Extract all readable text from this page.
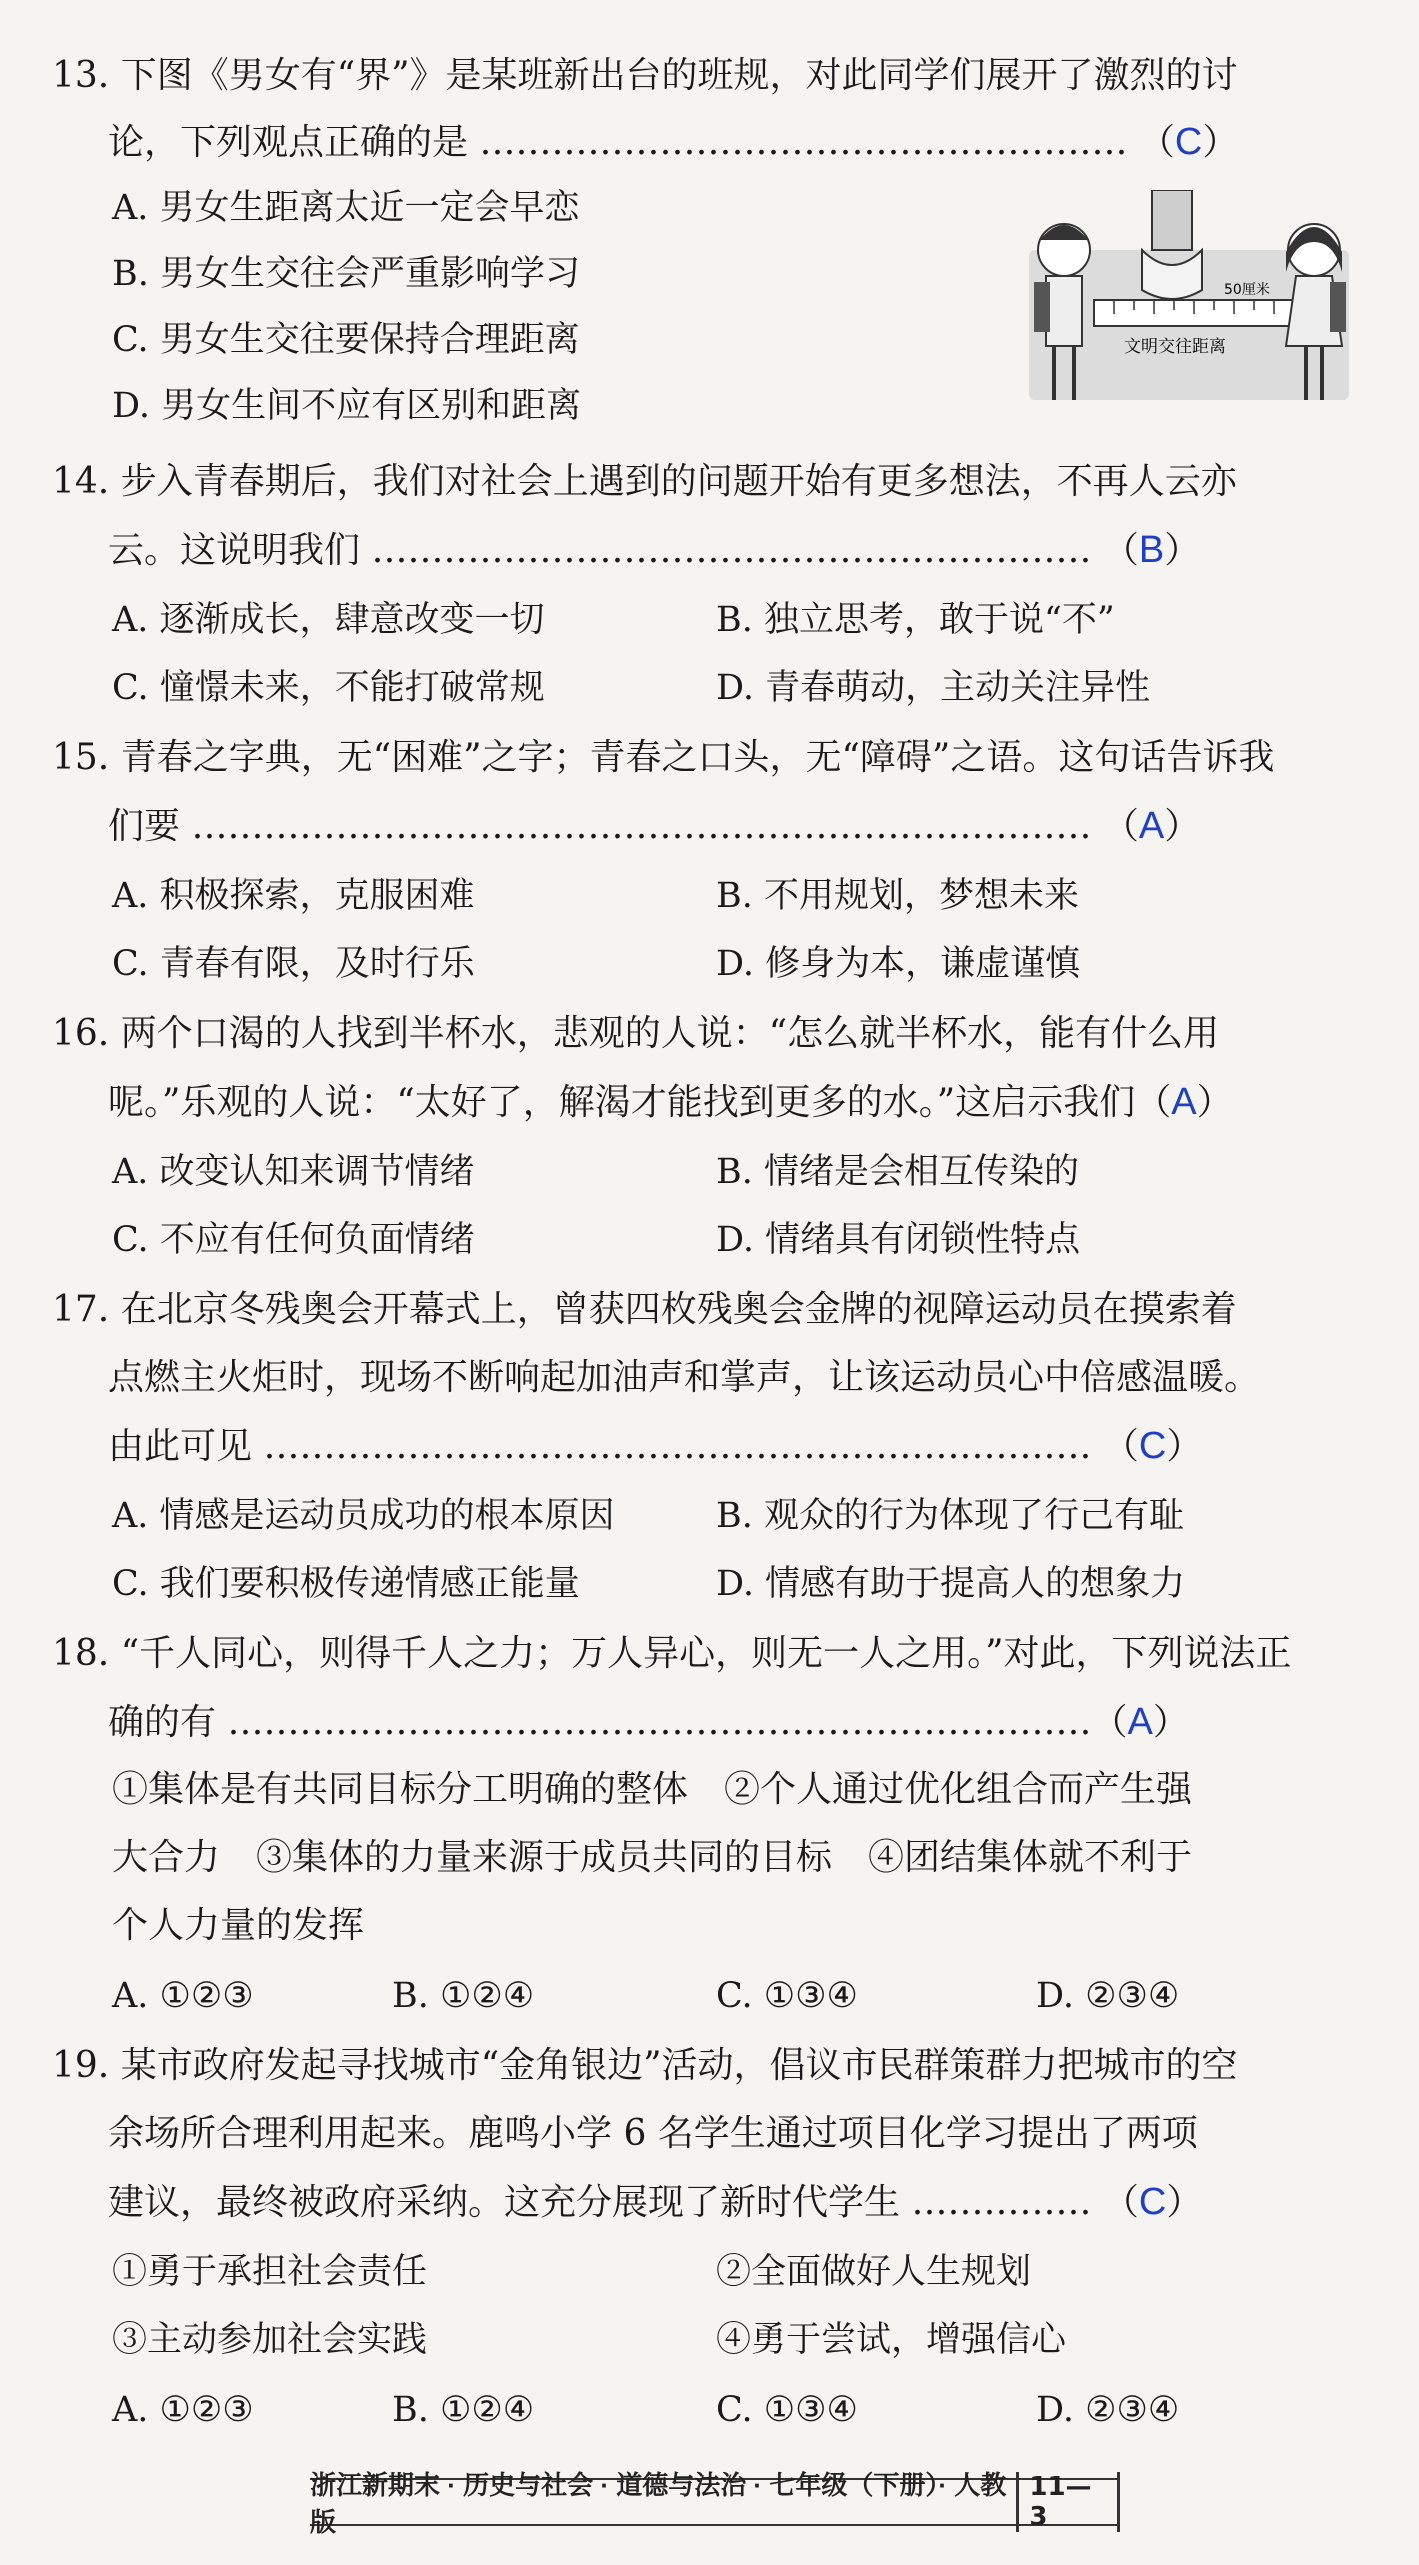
13. 下图《男女有“界”》是某班新出台的班规，对此同学们展开了激烈的讨
论，下列观点正确的是 ……………………………………………… （C）
A. 男女生距离太近一定会早恋
B. 男女生交往会严重影响学习
C. 男女生交往要保持合理距离
D. 男女生间不应有区别和距离
50厘米
文明交往距离
14. 步入青春期后，我们对社会上遇到的问题开始有更多想法，不再人云亦
云。这说明我们 …………………………………………………… （B）
A. 逐渐成长，肆意改变一切	B. 独立思考，敢于说“不”
C. 憧憬未来，不能打破常规	D. 青春萌动，主动关注异性
15. 青春之字典，无“困难”之字；青春之口头，无“障碍”之语。这句话告诉我
们要 ………………………………………………………………… （A）
A. 积极探索，克服困难	B. 不用规划，梦想未来
C. 青春有限，及时行乐	D. 修身为本，谦虚谨慎
16. 两个口渴的人找到半杯水，悲观的人说：“怎么就半杯水，能有什么用
呢。”乐观的人说：“太好了，解渴才能找到更多的水。”这启示我们（A）
A. 改变认知来调节情绪	B. 情绪是会相互传染的
C. 不应有任何负面情绪	D. 情绪具有闭锁性特点
17. 在北京冬残奥会开幕式上，曾获四枚残奥会金牌的视障运动员在摸索着
点燃主火炬时，现场不断响起加油声和掌声，让该运动员心中倍感温暖。
由此可见 …………………………………………………………… （C）
A. 情感是运动员成功的根本原因	B. 观众的行为体现了行己有耻
C. 我们要积极传递情感正能量	D. 情感有助于提高人的想象力
18. “千人同心，则得千人之力；万人异心，则无一人之用。”对此，下列说法正
确的有 ………………………………………………………………（A）
①集体是有共同目标分工明确的整体　②个人通过优化组合而产生强
大合力　③集体的力量来源于成员共同的目标　④团结集体就不利于
个人力量的发挥
A. ①②③	B. ①②④	C. ①③④	D. ②③④
19. 某市政府发起寻找城市“金角银边”活动，倡议市民群策群力把城市的空
余场所合理利用起来。鹿鸣小学 6 名学生通过项目化学习提出了两项
建议，最终被政府采纳。这充分展现了新时代学生 …………… （C）
①勇于承担社会责任	②全面做好人生规划
③主动参加社会实践	④勇于尝试，增强信心
A. ①②③	B. ①②④	C. ①③④	D. ②③④
浙江新期末 · 历史与社会 · 道德与法治 · 七年级（下册）· 人教版
11—3
